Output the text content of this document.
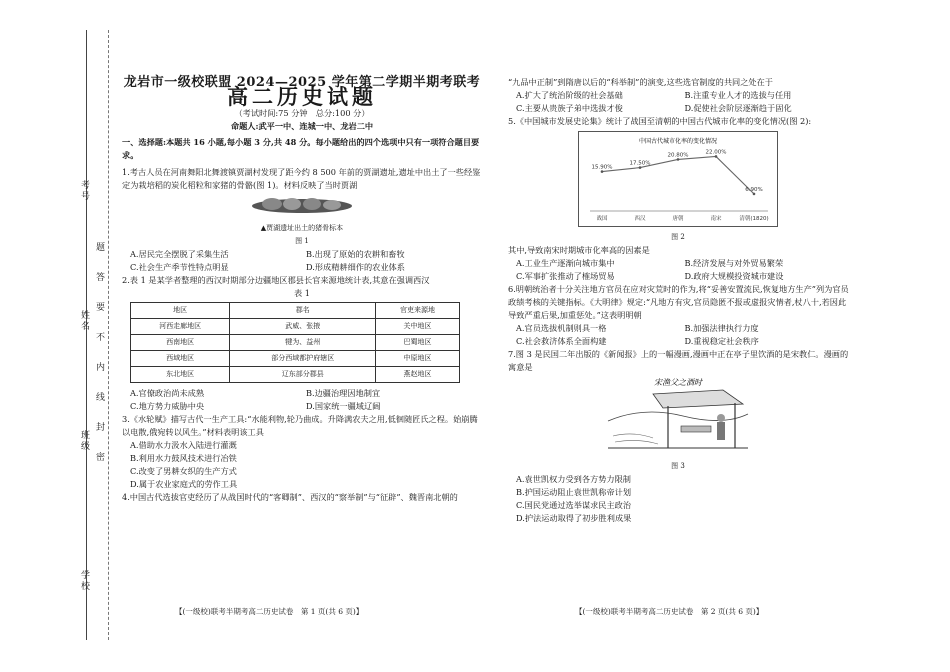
考号
姓名
班级
学校
题
答
要
不
内
线
封
密

龙岩市一级校联盟 2024—2025 学年第二学期半期考联考

高二历史试题

（考试时间:75 分钟　总分:100 分）

命题人:武平一中、连城一中、龙岩二中

一、选择题:本题共 16 小题,每小题 3 分,共 48 分。每小题给出的四个选项中只有一项符合题目要求。

1.考古人员在河南舞阳北舞渡镇贾湖村发现了距今约 8 500 年前的贾湖遗址,遗址中出土了一些经鉴定为栽培稻的炭化稻粒和家猪的骨骼(图 1)。材料反映了当时贾湖

▲贾湖遗址出土的猪骨标本
图 1
A.居民完全摆脱了采集生活	B.出现了原始的农耕和畜牧
C.社会生产季节性特点明显	D.形成精耕细作的农业体系

2.表 1 是某学者整理的西汉时期部分边疆地区郡县长官来源地统计表,其意在强调西汉

表 1

地区	郡名	官吏来源地
河西走廊地区	武威、张掖	关中地区
西南地区	犍为、益州	巴蜀地区
西域地区	部分西域都护府辖区	中原地区
东北地区	辽东部分郡县	燕赵地区
A.官僚政治尚未成熟	B.边疆治理因地制宜
C.地方势力威胁中央	D.国家统一疆域辽阔

3.《水轮赋》描写古代一生产工具:“水能利物,轮乃曲成。升降满农夫之用,低徊随匠氏之程。始崩腾以电散,俄宛转以风生。”材料表明该工具

A.借助水力汲水入陆进行灌溉
B.利用水力鼓风技术进行冶铁
C.改变了男耕女织的生产方式
D.属于农业家庭式的劳作工具

4.中国古代选拔官吏经历了从战国时代的“客卿制”、西汉的“察举制”与“征辟”、魏晋南北朝的

“九品中正制”到隋唐以后的“科举制”的演变,这些选官制度的共同之处在于

A.扩大了统治阶级的社会基础	B.注重专业人才的选拔与任用
C.主要从贵族子弟中选拔才俊	D.促使社会阶层逐渐趋于固化

5.《中国城市发展史论集》统计了战国至清朝的中国古代城市化率的变化情况(图 2):

中国古代城市化率的变化情况
15.90%
战国
17.50%
西汉
20.80%
唐朝
22.00%
南宋
6.90%
清朝(1820)
图 2

其中,导致南宋时期城市化率高的因素是

A.工业生产逐渐向城市集中	B.经济发展与对外贸易繁荣
C.军事扩张推动了榷场贸易	D.政府大规模投资城市建设

6.明朝统治者十分关注地方官员在应对灾荒时的作为,将“妥善安置流民,恢复地方生产”列为官员政绩考核的关键指标。《大明律》规定:“凡地方有灾,官员隐匿不报或虚报灾情者,杖八十,若因此导致严重后果,加重惩处。”这表明明朝

A.官员选拔机制则具一格	B.加强法律执行力度
C.社会救济体系全面构建	D.重视稳定社会秩序

7.图 3 是民国二年出版的《新闻报》上的一幅漫画,漫画中正在亭子里饮酒的是宋教仁。漫画的寓意是

宋渔父之酒时
图 3
A.袁世凯权力受到各方势力限制
B.护国运动阻止袁世凯称帝计划
C.国民党通过选举谋求民主政治
D.护法运动取得了初步胜利成果
【(一级校)联考半期考高二历史试卷　第 1 页(共 6 页)】	【(一级校)联考半期考高二历史试卷　第 2 页(共 6 页)】
